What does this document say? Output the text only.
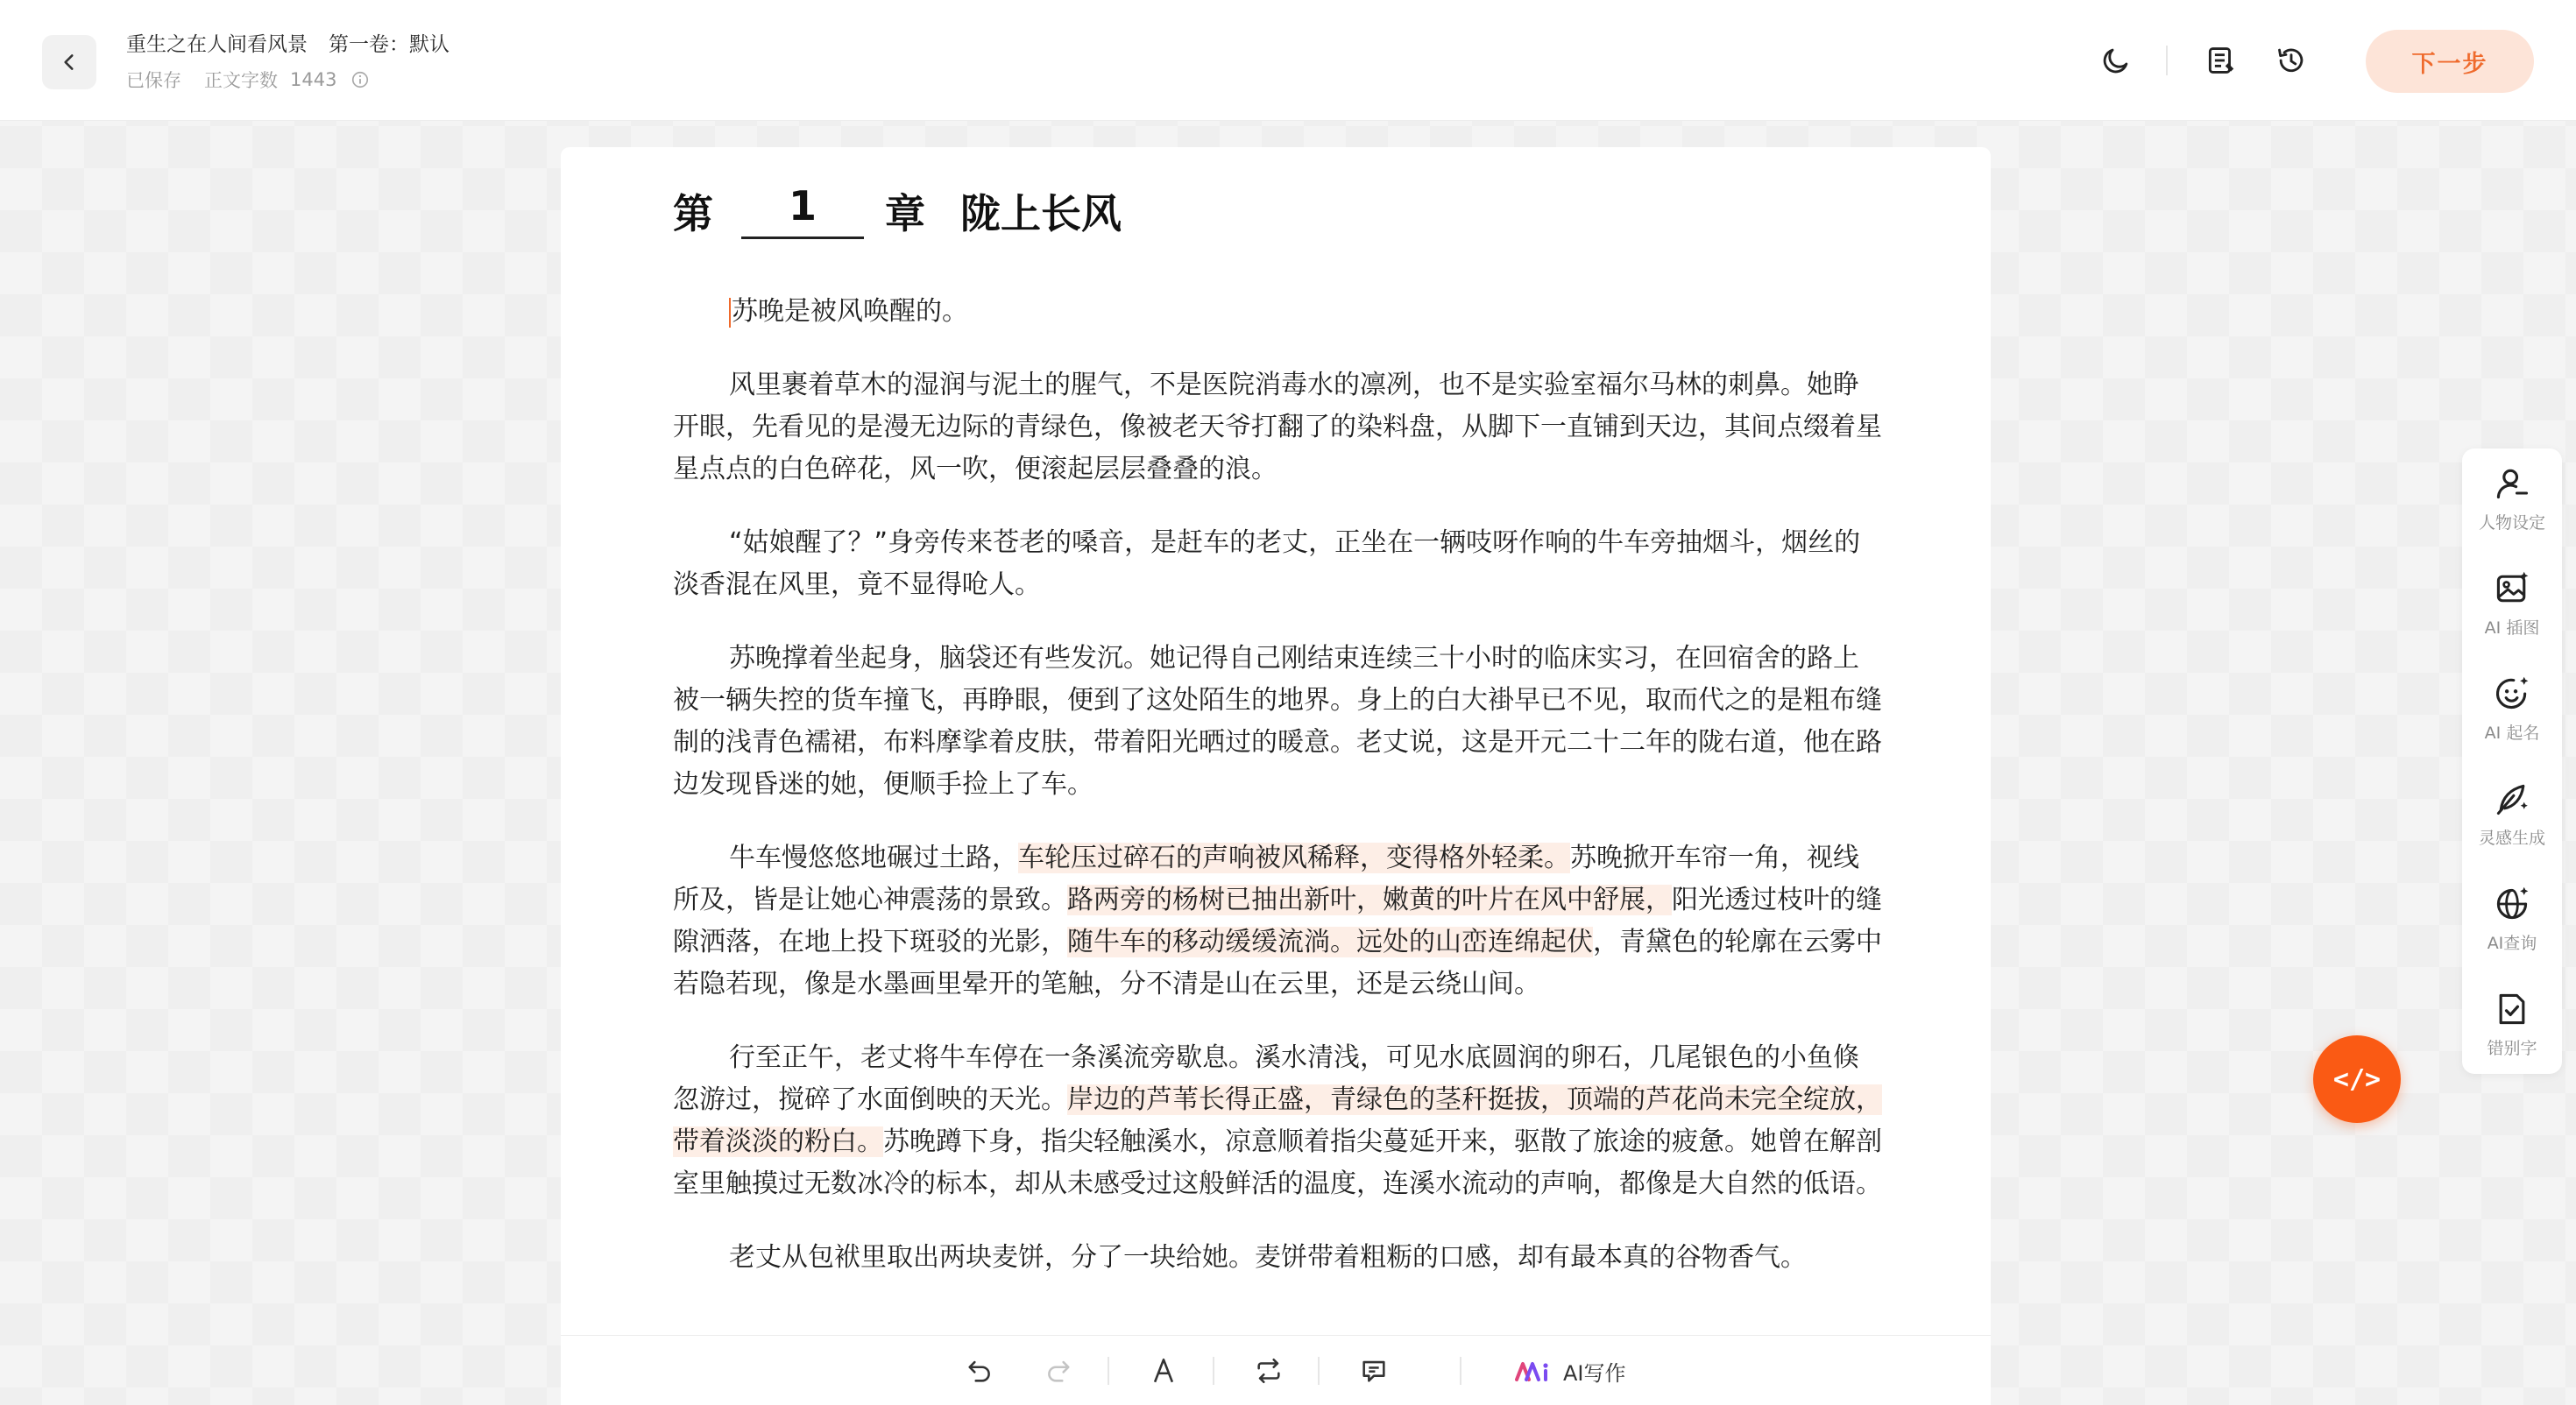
重生之在人间看风景 第一卷：默认
已保存 正文字数 1443
下一步
第	1	章 陇上长风

苏晚是被风唤醒的。

风里裹着草木的湿润与泥土的腥气，不是医院消毒水的凛冽，也不是实验室福尔马林的刺鼻。她睁开眼，先看见的是漫无边际的青绿色，像被老天爷打翻了的染料盘，从脚下一直铺到天边，其间点缀着星星点点的白色碎花，风一吹，便滚起层层叠叠的浪。

“姑娘醒了？”身旁传来苍老的嗓音，是赶车的老丈，正坐在一辆吱呀作响的牛车旁抽烟斗，烟丝的淡香混在风里，竟不显得呛人。

苏晚撑着坐起身，脑袋还有些发沉。她记得自己刚结束连续三十小时的临床实习，在回宿舍的路上被一辆失控的货车撞飞，再睁眼，便到了这处陌生的地界。身上的白大褂早已不见，取而代之的是粗布缝制的浅青色襦裙，布料摩挲着皮肤，带着阳光晒过的暖意。老丈说，这是开元二十二年的陇右道，他在路边发现昏迷的她，便顺手捡上了车。

牛车慢悠悠地碾过土路，车轮压过碎石的声响被风稀释，变得格外轻柔。苏晚掀开车帘一角，视线所及，皆是让她心神震荡的景致。路两旁的杨树已抽出新叶，嫩黄的叶片在风中舒展，阳光透过枝叶的缝隙洒落，在地上投下斑驳的光影，随牛车的移动缓缓流淌。远处的山峦连绵起伏，青黛色的轮廓在云雾中若隐若现，像是水墨画里晕开的笔触，分不清是山在云里，还是云绕山间。

行至正午，老丈将牛车停在一条溪流旁歇息。溪水清浅，可见水底圆润的卵石，几尾银色的小鱼倏忽游过，搅碎了水面倒映的天光。岸边的芦苇长得正盛，青绿色的茎秆挺拔，顶端的芦花尚未完全绽放，带着淡淡的粉白。苏晚蹲下身，指尖轻触溪水，凉意顺着指尖蔓延开来，驱散了旅途的疲惫。她曾在解剖室里触摸过无数冰冷的标本，却从未感受过这般鲜活的温度，连溪水流动的声响，都像是大自然的低语。

老丈从包袱里取出两块麦饼，分了一块给她。麦饼带着粗粝的口感，却有最本真的谷物香气。

AI写作
人物设定
AI 插图
AI 起名
灵感生成
AI查询
错别字
</>
